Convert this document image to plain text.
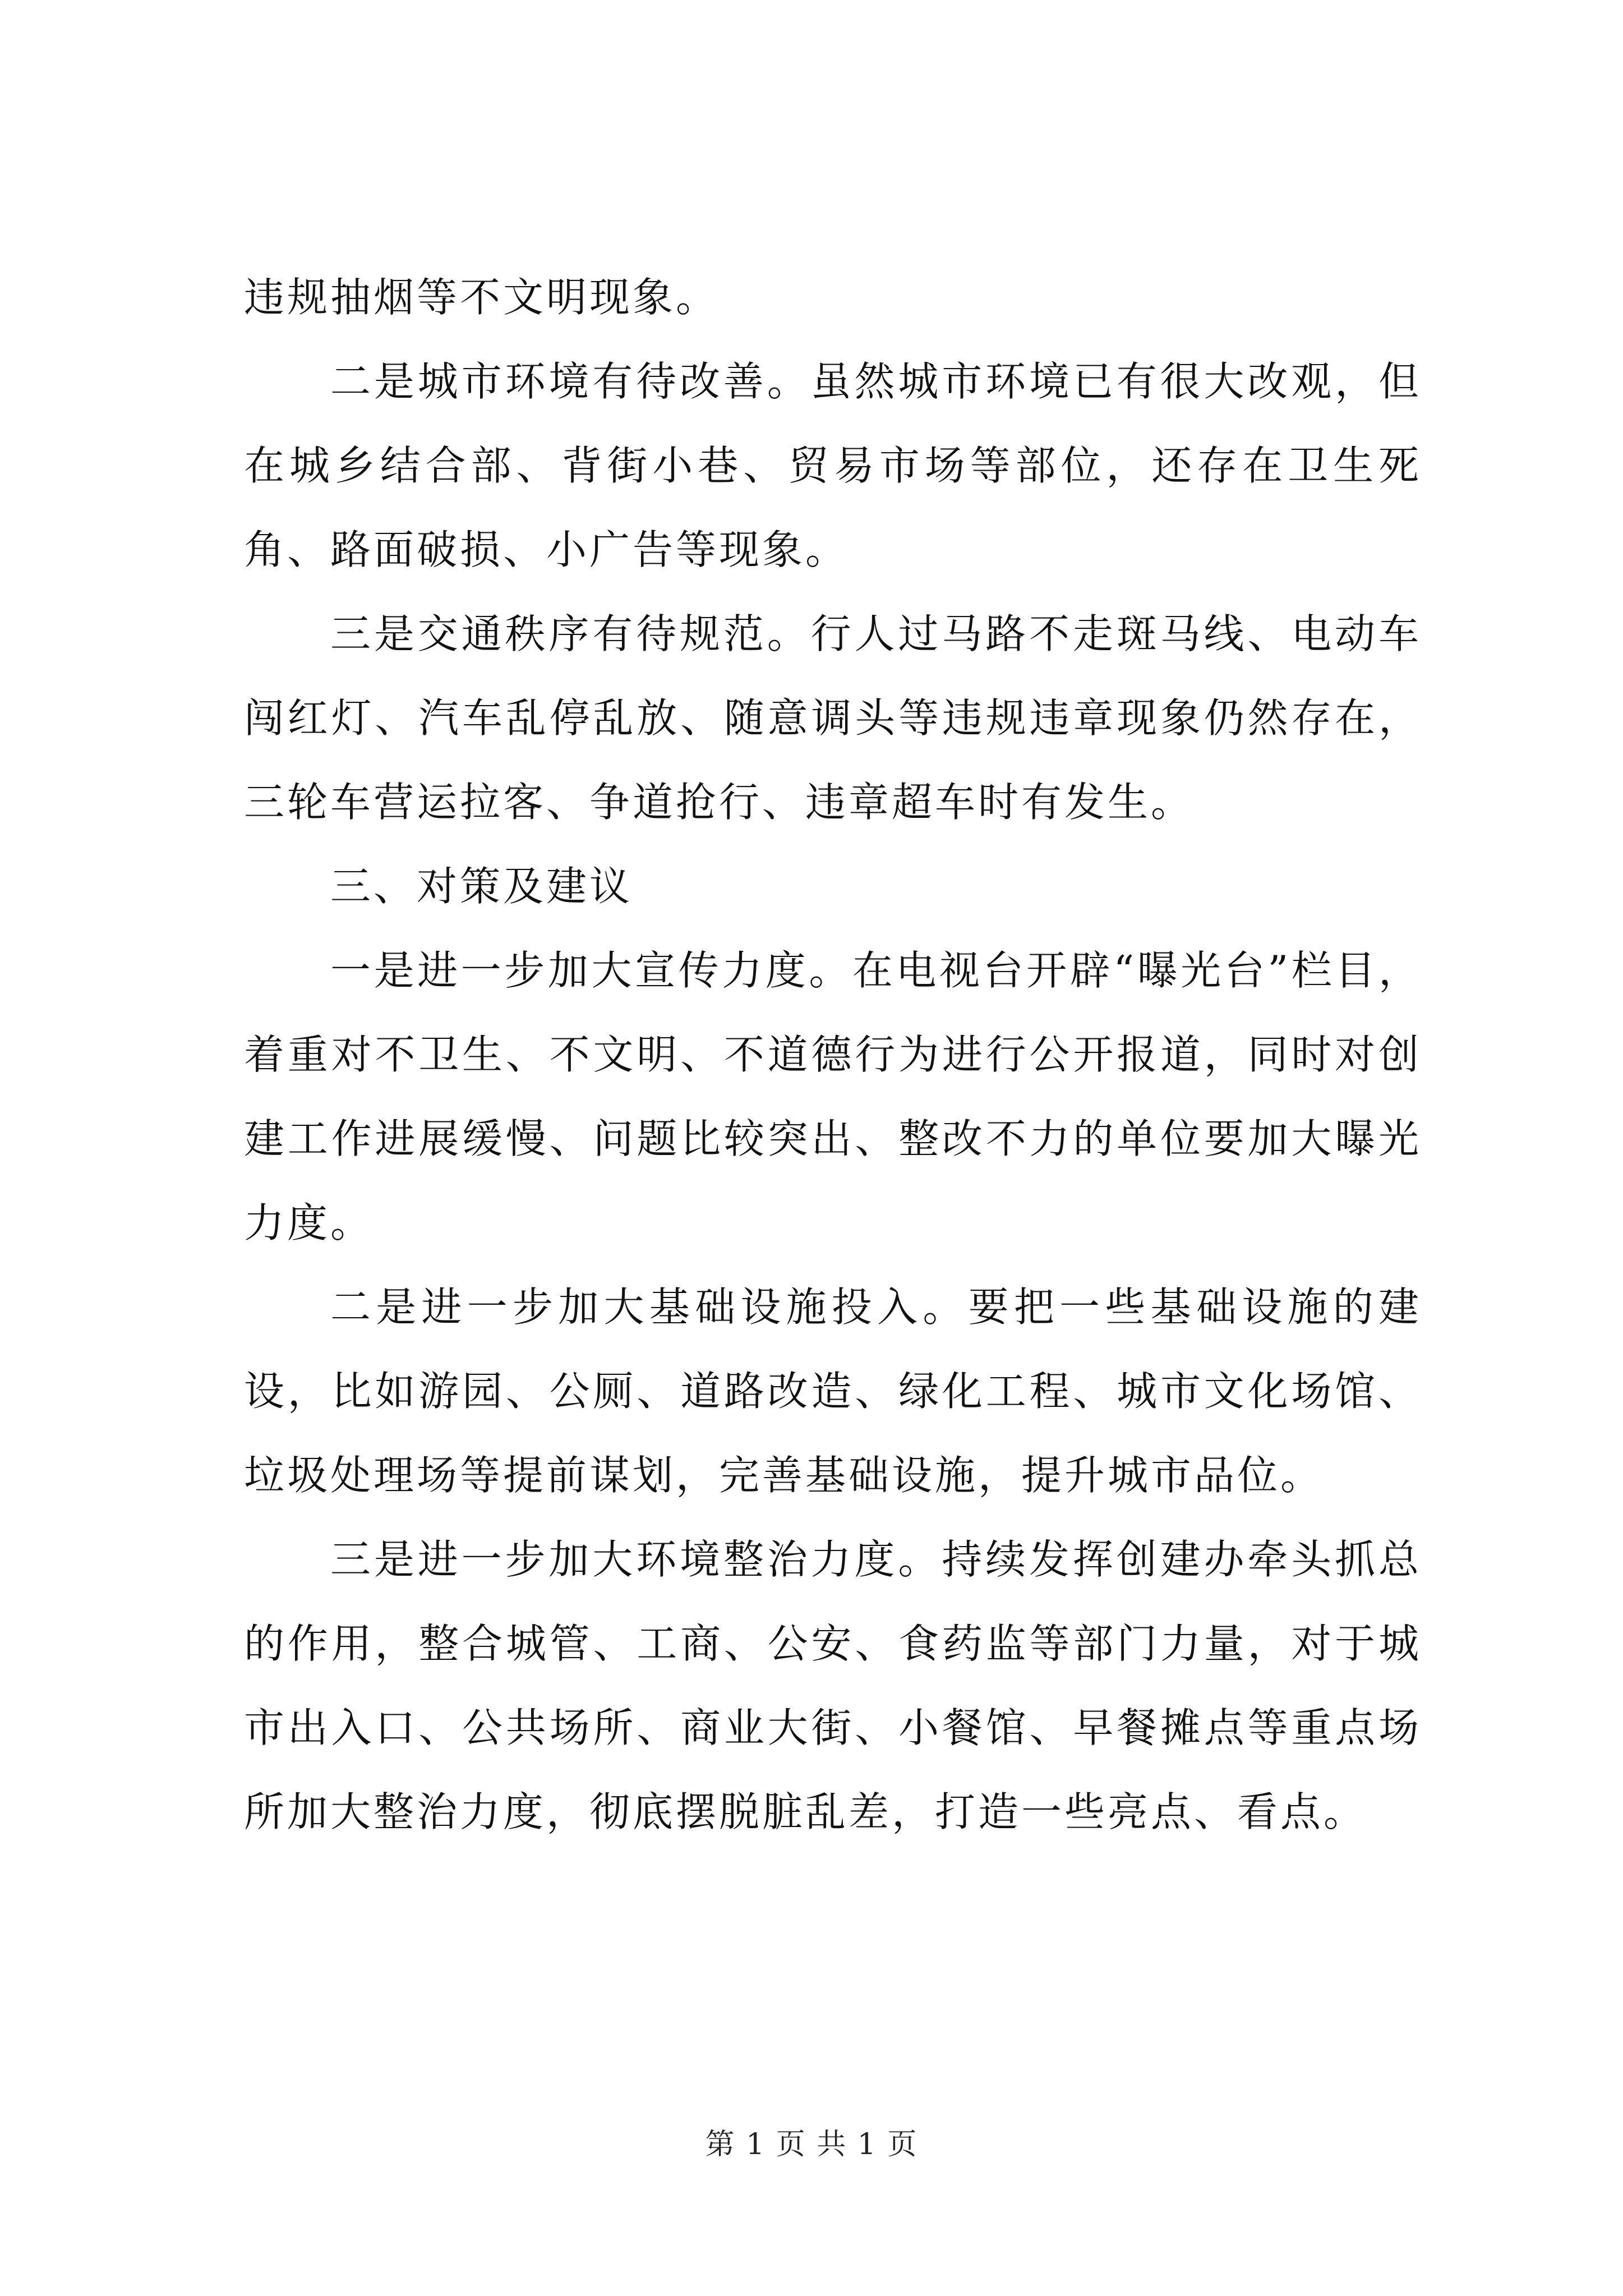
违规抽烟等不文明现象。

二是城市环境有待改善。虽然城市环境已有很大改观，但在城乡结合部、背街小巷、贸易市场等部位，还存在卫生死角、路面破损、小广告等现象。

三是交通秩序有待规范。行人过马路不走斑马线、电动车闯红灯、汽车乱停乱放、随意调头等违规违章现象仍然存在，三轮车营运拉客、争道抢行、违章超车时有发生。

三、对策及建议

一是进一步加大宣传力度。在电视台开辟“曝光台”栏目，着重对不卫生、不文明、不道德行为进行公开报道，同时对创建工作进展缓慢、问题比较突出、整改不力的单位要加大曝光力度。

二是进一步加大基础设施投入。要把一些基础设施的建设，比如游园、公厕、道路改造、绿化工程、城市文化场馆、垃圾处理场等提前谋划，完善基础设施，提升城市品位。

三是进一步加大环境整治力度。持续发挥创建办牵头抓总的作用，整合城管、工商、公安、食药监等部门力量，对于城市出入口、公共场所、商业大街、小餐馆、早餐摊点等重点场所加大整治力度，彻底摆脱脏乱差，打造一些亮点、看点。

第 1 页 共 1 页
